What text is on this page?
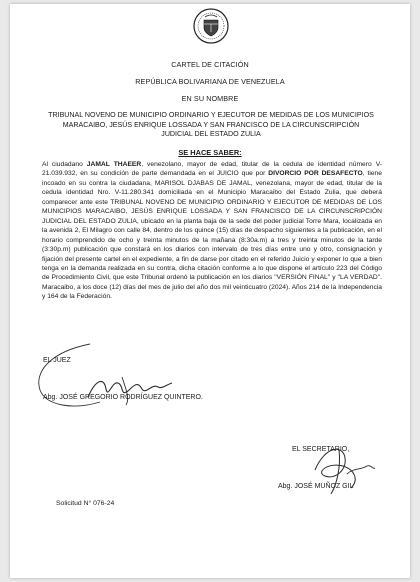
CARTEL DE CITACIÓN
REPÚBLICA BOLIVARIANA DE VENEZUELA
EN SU NOMBRE
TRIBUNAL NOVENO DE MUNICIPIO ORDINARIO Y EJECUTOR DE MEDIDAS DE LOS MUNICIPIOS MARACAIBO, JESÚS ENRIQUE LOSSADA Y SAN FRANCISCO DE LA CIRCUNSCRIPCIÓN JUDICIAL DEL ESTADO ZULIA
SE HACE SABER:
Al ciudadano JAMAL THAEER, venezolano, mayor de edad, titular de la cedula de identidad número V-21.039.932, en su condición de parte demandada en el JUICIO que por DIVORCIO POR DESAFECTO, tiene incoado en su contra la ciudadana, MARISOL DJABAS DE JAMAL, venezolana, mayor de edad, titular de la cedula identidad Nro. V-11.280.341 domiciliada en el Municipio Maracaibo del Estado Zulia, que deberá comparecer ante este TRIBUNAL NOVENO DE MUNICIPIO ORDINARIO Y EJECUTOR DE MEDIDAS DE LOS MUNICIPIOS MARACAIBO, JESÚS ENRIQUE LOSSADA Y SAN FRANCISCO DE LA CIRCUNSCRIPCIÓN JUDICIAL DEL ESTADO ZULIA, ubicado en la planta baja de la sede del poder judicial Torre Mara, localizada en la avenida 2, El Milagro con calle 84, dentro de los quince (15) días de despacho siguientes a la publicación, en el horario comprendido de ocho y treinta minutos de la mañana (8:30a.m) a tres y treinta minutos de la tarde (3:30p.m) publicación que constará en los diarios con intervalo de tres días entre uno y otro, consignación y fijación del presente cartel en el expediente, a fin de darse por citado en el referido Juicio y exponer lo que a bien tenga en la demanda realizada en su contra, dicha citación conforme a lo que dispone el artículo 223 del Código de Procedimiento Civil, que este Tribunal ordenó la publicación en los diarios "VERSIÓN FINAL" y "LA VERDAD". Maracaibo, a los doce (12) días del mes de julio del año dos mil veinticuatro (2024). Años 214 de la Independencia y 164 de la Federación.
EL JUEZ
Abg. JOSÉ GREGORIO RODRÍGUEZ QUINTERO.
EL SECRETARIO,
Abg. JOSÉ MUÑOZ GIL
Solicitud N° 076-24
